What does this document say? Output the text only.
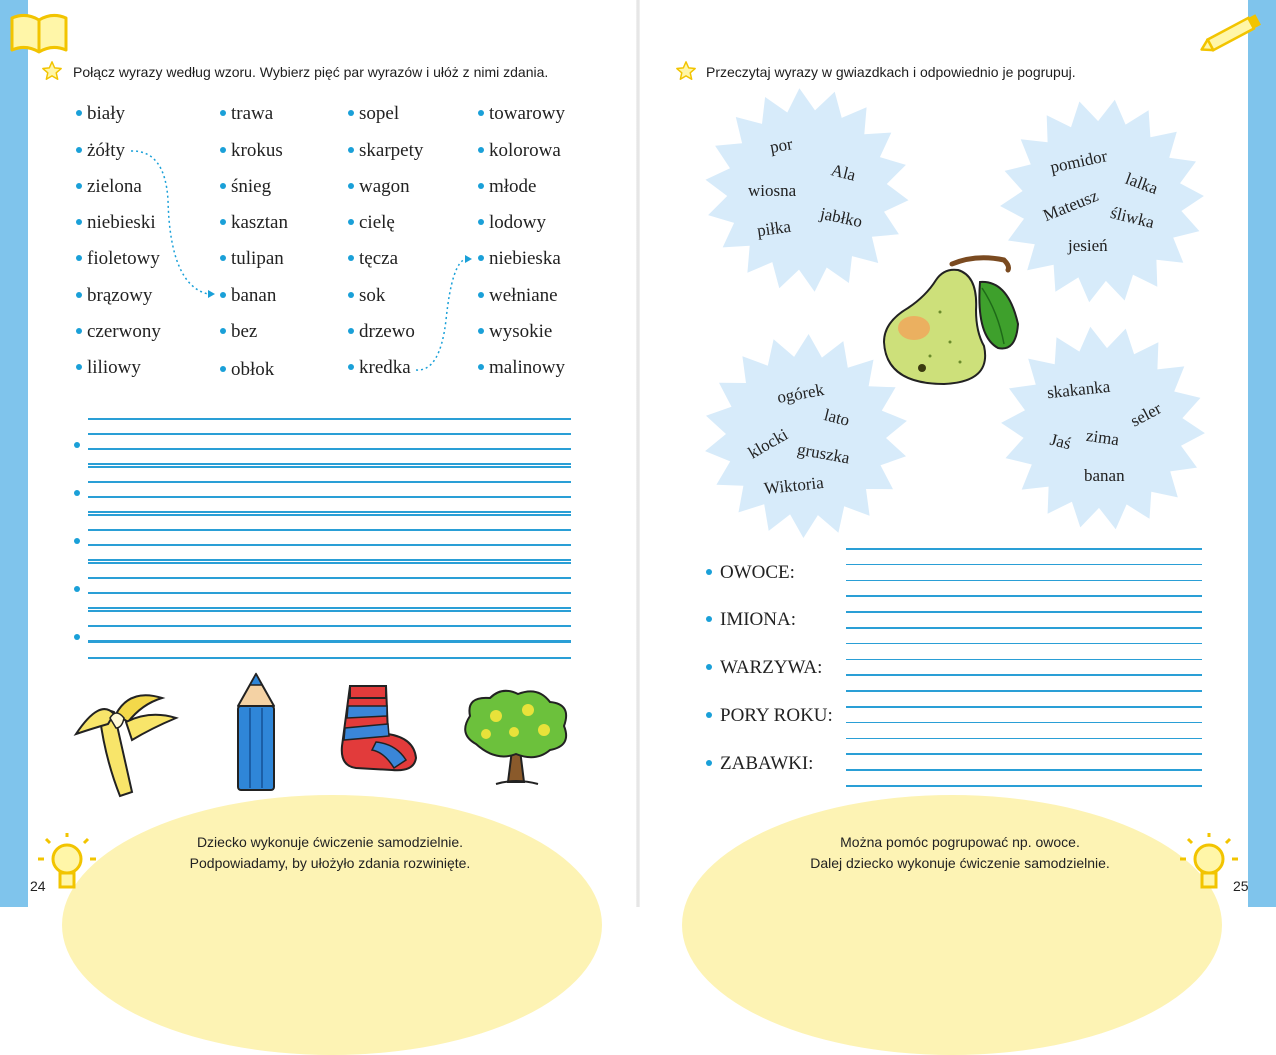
Połącz wyrazy według wzoru. Wybierz pięć par wyrazów i ułóż z nimi zdania.
biały
żółty
zielona
niebieski
fioletowy
brązowy
czerwony
liliowy
trawa
krokus
śnieg
kasztan
tulipan
banan
bez
obłok
sopel
skarpety
wagon
cielę
tęcza
sok
drzewo
kredka
towarowy
kolorowa
młode
lodowy
niebieska
wełniane
wysokie
malinowy
Dziecko wykonuje ćwiczenie samodzielnie.
Podpowiadamy, by ułożyło zdania rozwinięte.
24
Przeczytaj wyrazy w gwiazdkach i odpowiednio je pogrupuj.
por
Ala
wiosna
jabłko
piłka
pomidor
lalka
Mateusz śliwka
jesień
ogórek
lato
klocki gruszka
Wiktoria
skakanka
seler
Jaś zima
banan
OWOCE:
IMIONA:
WARZYWA:
PORY ROKU:
ZABAWKI:
Można pomóc pogrupować np. owoce.
Dalej dziecko wykonuje ćwiczenie samodzielnie.
25
